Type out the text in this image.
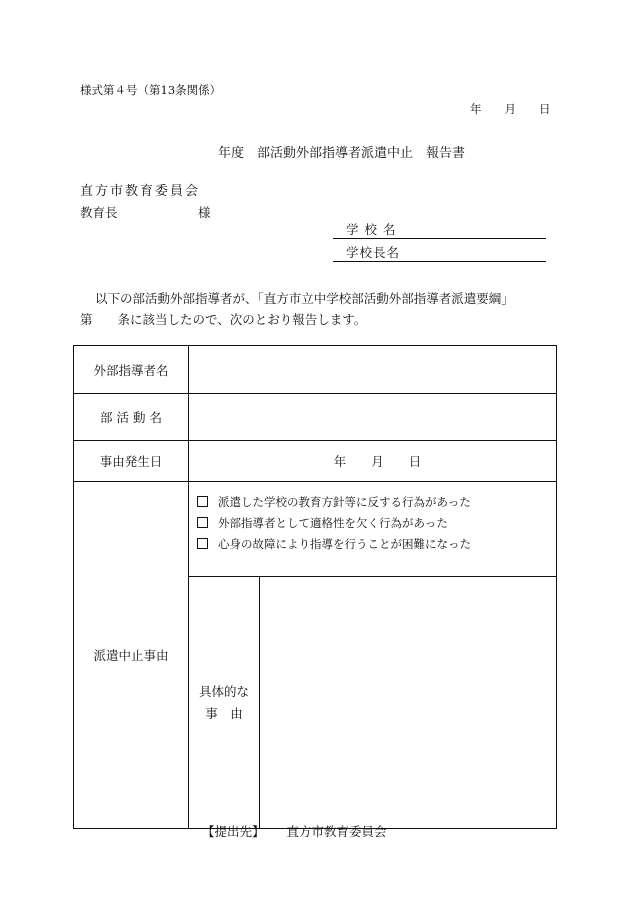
様式第４号（第13条関係）
年 月 日
年度　部活動外部指導者派遣中止　報告書
直方市教育委員会
教育長	様
学 校 名
学校長名
以下の部活動外部指導者が、「直方市立中学校部活動外部指導者派遣要綱」
第　　条に該当したので、次のとおり報告します。
外部指導者名		
部 活 動 名		
事由発生日	年　　月　　日	
派遣中止事由	派遣した学校の教育方針等に反する行為があった
外部指導者として適格性を欠く行為があった
心身の故障により指導を行うことが困難になった	

	具体的な
事　由	

【提出先】 直方市教育委員会
